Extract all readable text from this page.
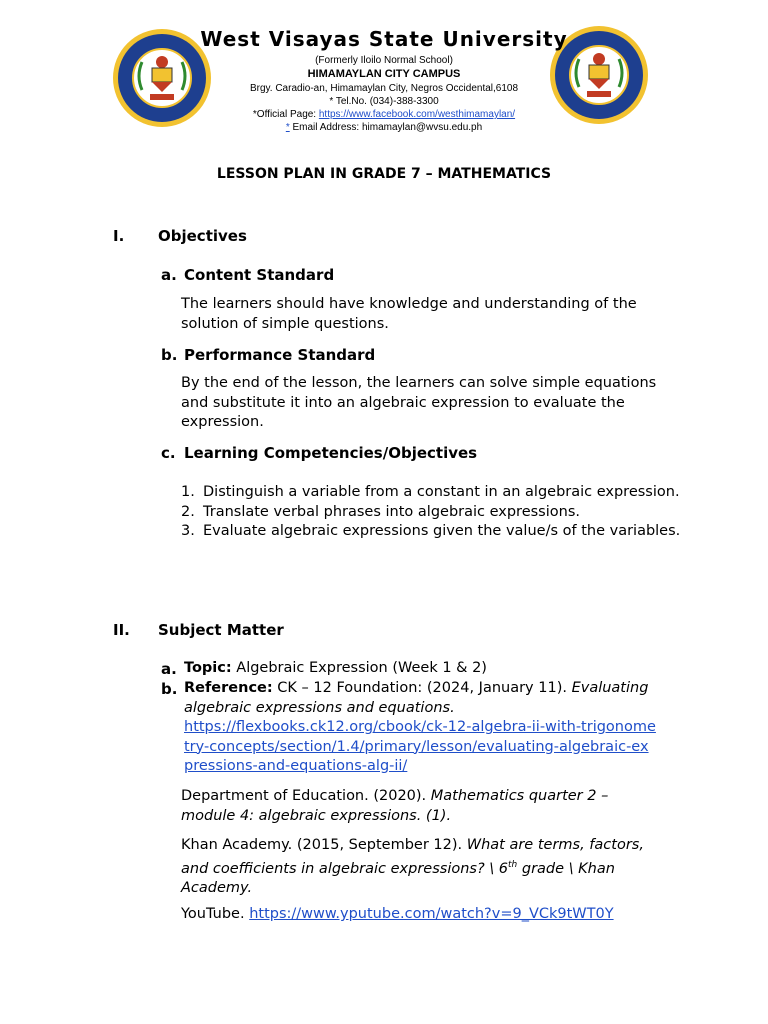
West Visayas State University
(Formerly Iloilo Normal School)
HIMAMAYLAN CITY CAMPUS
Brgy. Caradio-an, Himamaylan City, Negros Occidental,6108
* Tel.No. (034)-388-3300
*Official Page: https://www.facebook.com/westhimamaylan/
* Email Address: himamaylan@wvsu.edu.ph
LESSON PLAN IN GRADE 7 – MATHEMATICS
I. Objectives
a. Content Standard
The learners should have knowledge and understanding of the solution of simple questions.
b. Performance Standard
By the end of the lesson, the learners can solve simple equations and substitute it into an algebraic expression to evaluate the expression.
c. Learning Competencies/Objectives
1. Distinguish a variable from a constant in an algebraic expression.
2. Translate verbal phrases into algebraic expressions.
3. Evaluate algebraic expressions given the value/s of the variables.
II. Subject Matter
a. Topic: Algebraic Expression (Week 1 & 2)
b. Reference: CK – 12 Foundation: (2024, January 11). Evaluating algebraic expressions and equations.
https://flexbooks.ck12.org/cbook/ck-12-algebra-ii-with-trigonometry-concepts/section/1.4/primary/lesson/evaluating-algebraic-expressions-and-equations-alg-ii/
Department of Education. (2020). Mathematics quarter 2 – module 4: algebraic expressions. (1).
Khan Academy. (2015, September 12). What are terms, factors, and coefficients in algebraic expressions? \ 6th grade \ Khan Academy.
YouTube. https://www.yputube.com/watch?v=9_VCk9tWT0Y
